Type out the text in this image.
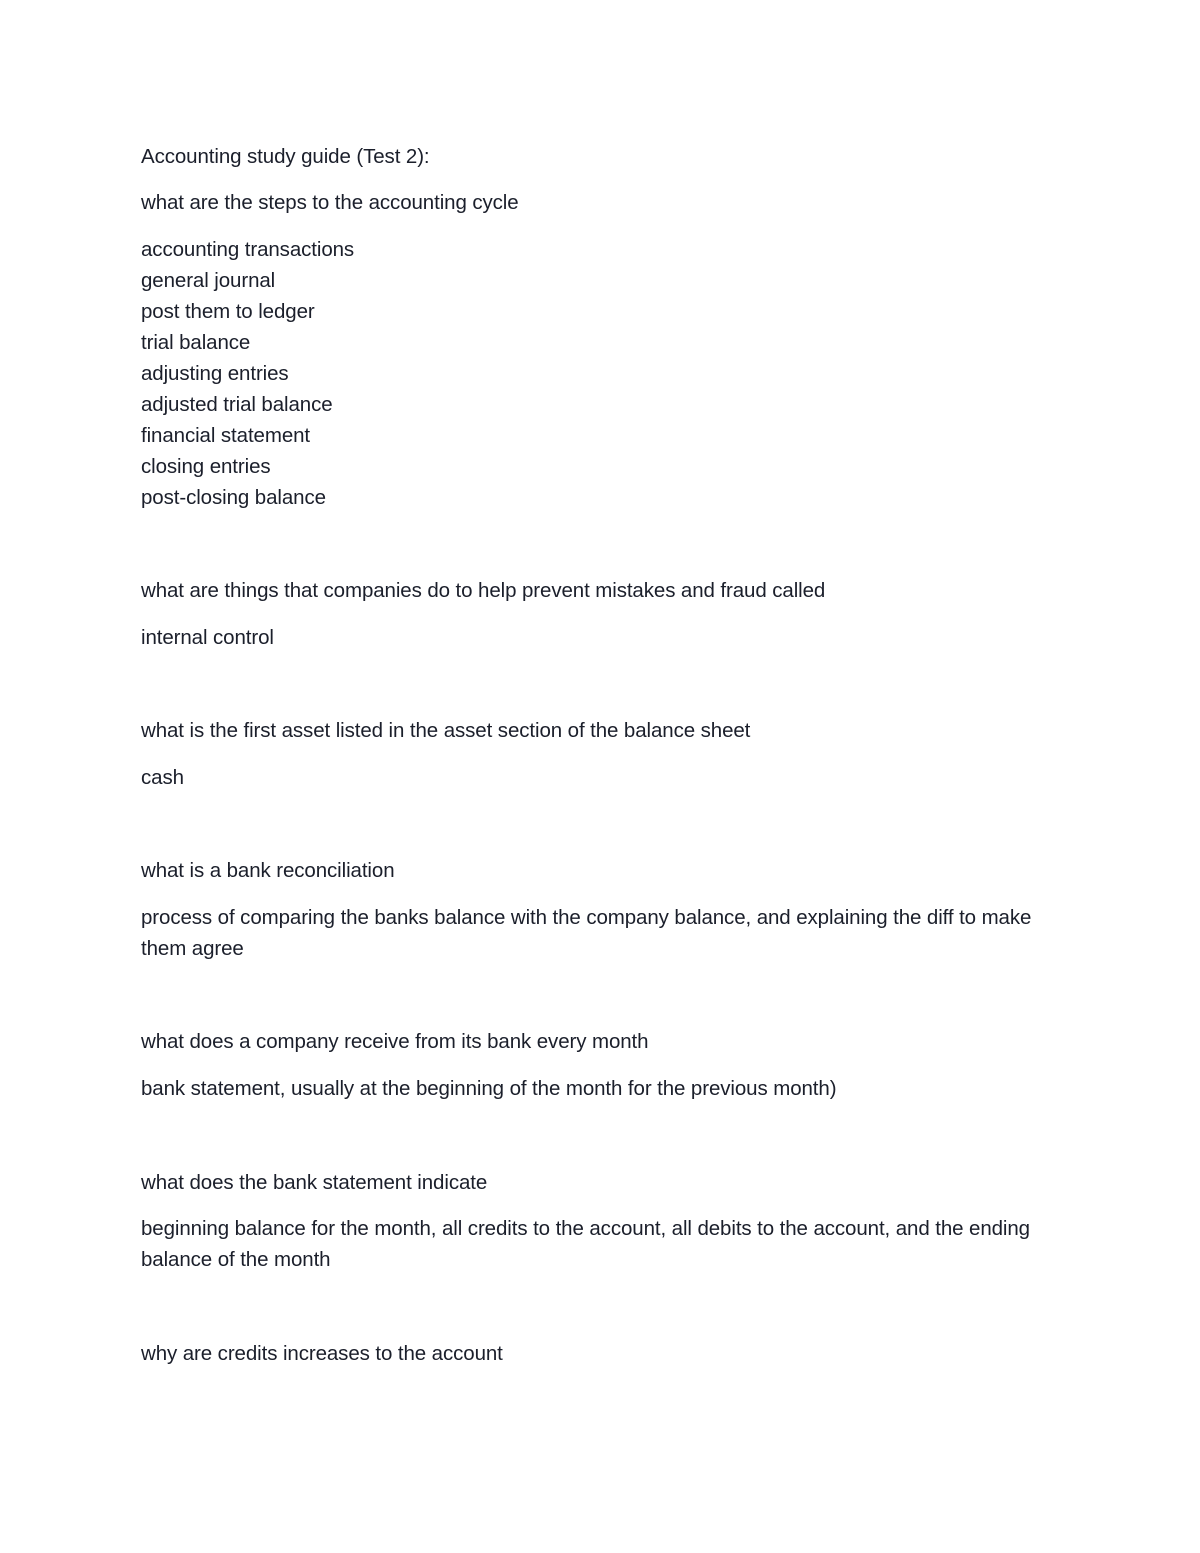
Accounting study guide (Test 2):
what are the steps to the accounting cycle
accounting transactions
general journal
post them to ledger
trial balance
adjusting entries
adjusted trial balance
financial statement
closing entries
post-closing balance
what are things that companies do to help prevent mistakes and fraud called
internal control
what is the first asset listed in the asset section of the balance sheet
cash
what is a bank reconciliation
process of comparing the banks balance with the company balance, and explaining the diff to make them agree
what does a company receive from its bank every month
bank statement, usually at the beginning of the month for the previous month)
what does the bank statement indicate
beginning balance for the month, all credits to the account, all debits to the account, and the ending balance of the month
why are credits increases to the account
